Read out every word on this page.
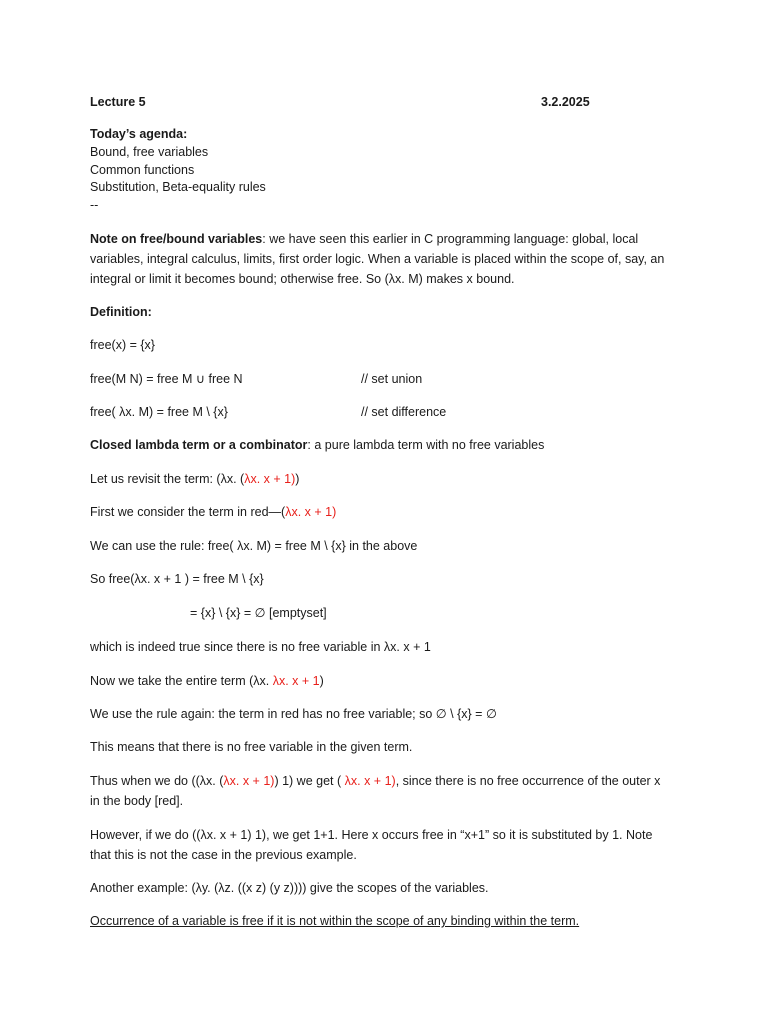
Lecture 5	3.2.2025
Today’s agenda:
Bound, free variables
Common functions
Substitution, Beta-equality rules
--
Note on free/bound variables: we have seen this earlier in C programming language: global, local
variables, integral calculus, limits, first order logic. When a variable is placed within the scope of, say, an
integral or limit it becomes bound; otherwise free. So (λx. M) makes x bound.
Definition:
free(x) = {x}
free(M N) = free M ∪ free N	// set union
free( λx. M) = free M \ {x}	// set difference
Closed lambda term or a combinator: a pure lambda term with no free variables
Let us revisit the term: (λx. (λx. x + 1))
First we consider the term in red—(λx. x + 1)
We can use the rule: free( λx. M) = free M \ {x} in the above
So free(λx. x + 1 ) = free M \ {x}
= {x} \ {x} = ∅ [emptyset]
which is indeed true since there is no free variable in λx. x + 1
Now we take the entire term (λx. λx. x + 1)
We use the rule again: the term in red has no free variable; so ∅ \ {x} = ∅
This means that there is no free variable in the given term.
Thus when we do ((λx. (λx. x + 1)) 1) we get ( λx. x + 1), since there is no free occurrence of the outer x
in the body [red].
However, if we do ((λx. x + 1) 1), we get 1+1. Here x occurs free in “x+1” so it is substituted by 1. Note
that this is not the case in the previous example.
Another example: (λy. (λz. ((x z) (y z)))) give the scopes of the variables.
Occurrence of a variable is free if it is not within the scope of any binding within the term.
